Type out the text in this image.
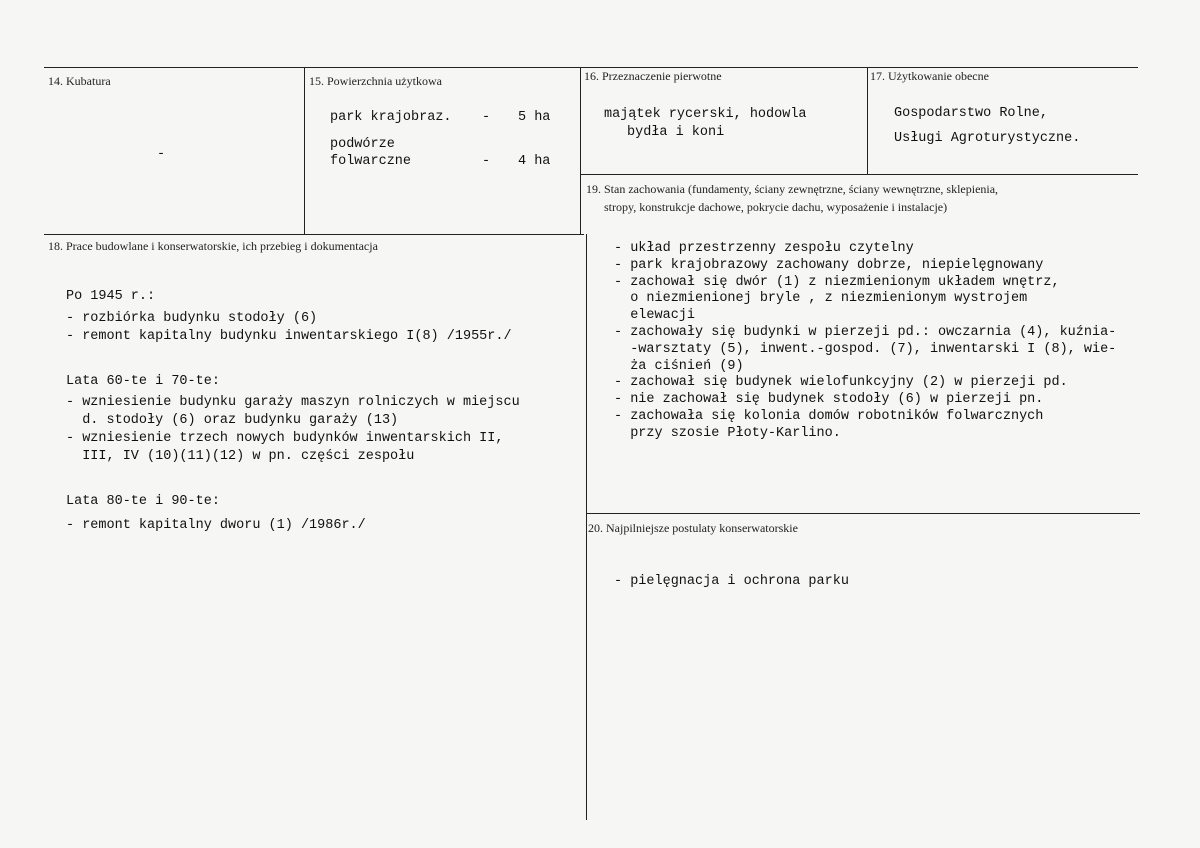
14. Kubatura
-
15. Powierzchnia użytkowa
park krajobraz. - 5 ha
podwórze
folwarczne	- 4 ha
16. Przeznaczenie pierwotne
majątek rycerski, hodowla
bydła i koni
17. Użytkowanie obecne
Gospodarstwo Rolne,
Usługi Agroturystyczne.
19. Stan zachowania (fundamenty, ściany zewnętrzne, ściany wewnętrzne, sklepienia,
stropy, konstrukcje dachowe, pokrycie dachu, wyposażenie i instalacje)
- układ przestrzenny zespołu czytelny
- park krajobrazowy zachowany dobrze, niepielęgnowany
- zachował się dwór (1) z niezmienionym układem wnętrz,
o niezmienionej bryle , z niezmienionym wystrojem
elewacji
- zachowały się budynki w pierzeji pd.: owczarnia (4), kuźnia-
-warsztaty (5), inwent.-gospod. (7), inwentarski I (8), wie-
ża ciśnień (9)
- zachował się budynek wielofunkcyjny (2) w pierzeji pd.
- nie zachował się budynek stodoły (6) w pierzeji pn.
- zachowała się kolonia domów robotników folwarcznych
przy szosie Płoty-Karlino.
18. Prace budowlane i konserwatorskie, ich przebieg i dokumentacja
Po 1945 r.:
- rozbiórka budynku stodoły (6)
- remont kapitalny budynku inwentarskiego I(8) /1955r./
Lata 60-te i 70-te:
- wzniesienie budynku garaży maszyn rolniczych w miejscu
d. stodoły (6) oraz budynku garaży (13)
- wzniesienie trzech nowych budynków inwentarskich II,
III, IV (10)(11)(12) w pn. części zespołu
Lata 80-te i 90-te:
- remont kapitalny dworu (1) /1986r./	20. Najpilniejsze postulaty konserwatorskie
- pielęgnacja i ochrona parku
